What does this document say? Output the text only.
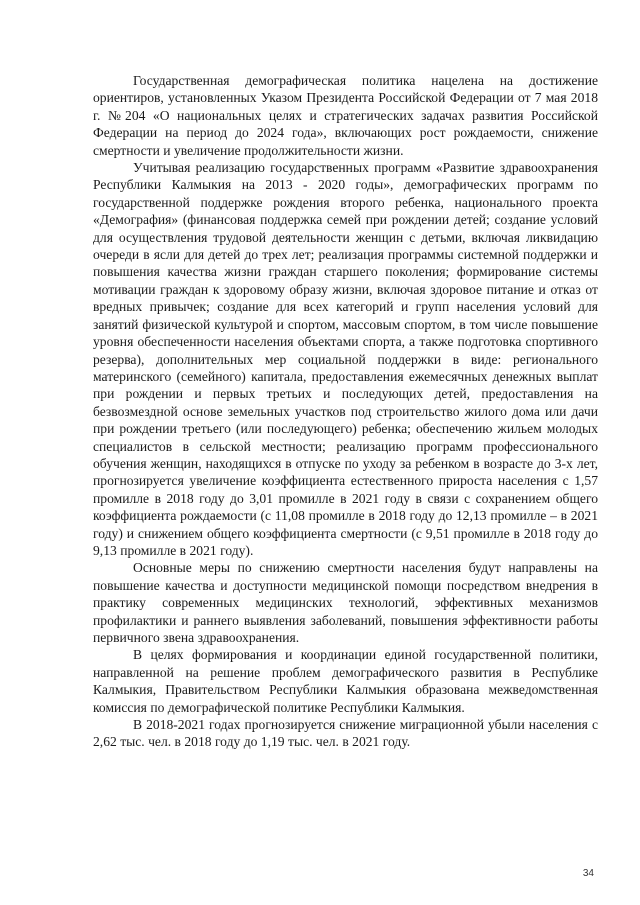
Государственная демографическая политика нацелена на достижение ориентиров, установленных Указом Президента Российской Федерации от 7 мая 2018 г. №204 «О национальных целях и стратегических задачах развития Российской Федерации на период до 2024 года», включающих рост рождаемости, снижение смертности и увеличение продолжительности жизни.

Учитывая реализацию государственных программ «Развитие здравоохранения Республики Калмыкия на 2013 - 2020 годы», демографических программ по государственной поддержке рождения второго ребенка, национального проекта «Демография» (финансовая поддержка семей при рождении детей; создание условий для осуществления трудовой деятельности женщин с детьми, включая ликвидацию очереди в ясли для детей до трех лет; реализация программы системной поддержки и повышения качества жизни граждан старшего поколения; формирование системы мотивации граждан к здоровому образу жизни, включая здоровое питание и отказ от вредных привычек; создание для всех категорий и групп населения условий для занятий физической культурой и спортом, массовым спортом, в том числе повышение уровня обеспеченности населения объектами спорта, а также подготовка спортивного резерва), дополнительных мер социальной поддержки в виде: регионального материнского (семейного) капитала, предоставления ежемесячных денежных выплат при рождении и первых третьих и последующих детей, предоставления на безвозмездной основе земельных участков под строительство жилого дома или дачи при рождении третьего (или последующего) ребенка; обеспечению жильем молодых специалистов в сельской местности; реализацию программ профессионального обучения женщин, находящихся в отпуске по уходу за ребенком в возрасте до 3-х лет, прогнозируется увеличение коэффициента естественного прироста населения с 1,57 промилле в 2018 году до 3,01 промилле в 2021 году в связи с сохранением общего коэффициента рождаемости (с 11,08 промилле в 2018 году до 12,13 промилле – в 2021 году) и снижением общего коэффициента смертности (с 9,51 промилле в 2018 году до 9,13 промилле в 2021 году).

Основные меры по снижению смертности населения будут направлены на повышение качества и доступности медицинской помощи посредством внедрения в практику современных медицинских технологий, эффективных механизмов профилактики и раннего выявления заболеваний, повышения эффективности работы первичного звена здравоохранения.

В целях формирования и координации единой государственной политики, направленной на решение проблем демографического развития в Республике Калмыкия, Правительством Республики Калмыкия образована межведомственная комиссия по демографической политике Республики Калмыкия.

В 2018-2021 годах прогнозируется снижение миграционной убыли населения с 2,62 тыс. чел. в 2018 году до 1,19 тыс. чел. в 2021 году.

34
